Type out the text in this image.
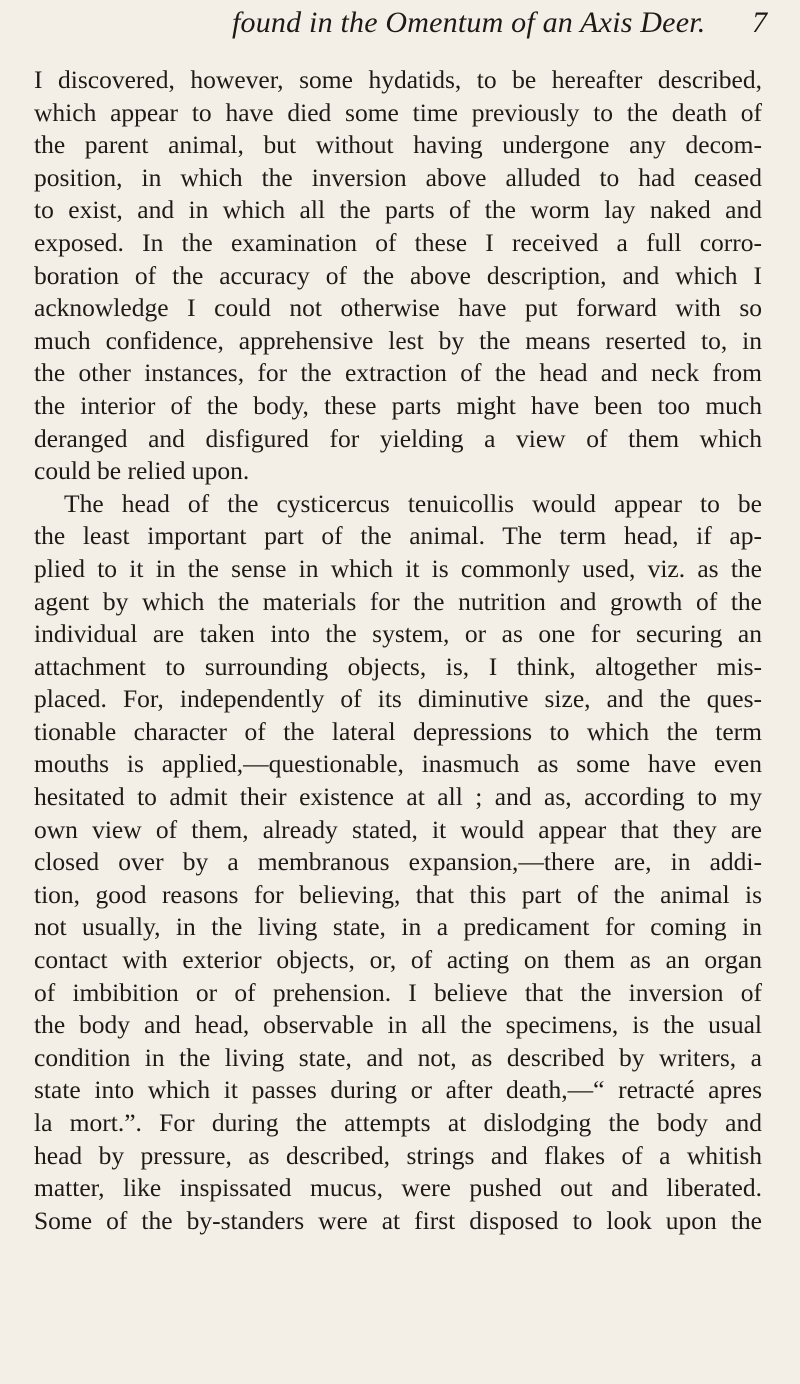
found in the Omentum of an Axis Deer. 7
I discovered, however, some hydatids, to be hereafter described,
which appear to have died some time previously to the death of
the parent animal, but without having undergone any decom-
position, in which the inversion above alluded to had ceased
to exist, and in which all the parts of the worm lay naked and
exposed. In the examination of these I received a full corro-
boration of the accuracy of the above description, and which I
acknowledge I could not otherwise have put forward with so
much confidence, apprehensive lest by the means reserted to, in
the other instances, for the extraction of the head and neck from
the interior of the body, these parts might have been too much
deranged and disfigured for yielding a view of them which
could be relied upon.
The head of the cysticercus tenuicollis would appear to be
the least important part of the animal. The term head, if ap-
plied to it in the sense in which it is commonly used, viz. as the
agent by which the materials for the nutrition and growth of the
individual are taken into the system, or as one for securing an
attachment to surrounding objects, is, I think, altogether mis-
placed. For, independently of its diminutive size, and the ques-
tionable character of the lateral depressions to which the term
mouths is applied,—questionable, inasmuch as some have even
hesitated to admit their existence at all ; and as, according to my
own view of them, already stated, it would appear that they are
closed over by a membranous expansion,—there are, in addi-
tion, good reasons for believing, that this part of the animal is
not usually, in the living state, in a predicament for coming in
contact with exterior objects, or, of acting on them as an organ
of imbibition or of prehension. I believe that the inversion of
the body and head, observable in all the specimens, is the usual
condition in the living state, and not, as described by writers, a
state into which it passes during or after death,—“ retracté apres
la mort.”. For during the attempts at dislodging the body and
head by pressure, as described, strings and flakes of a whitish
matter, like inspissated mucus, were pushed out and liberated.
Some of the by-standers were at first disposed to look upon the
